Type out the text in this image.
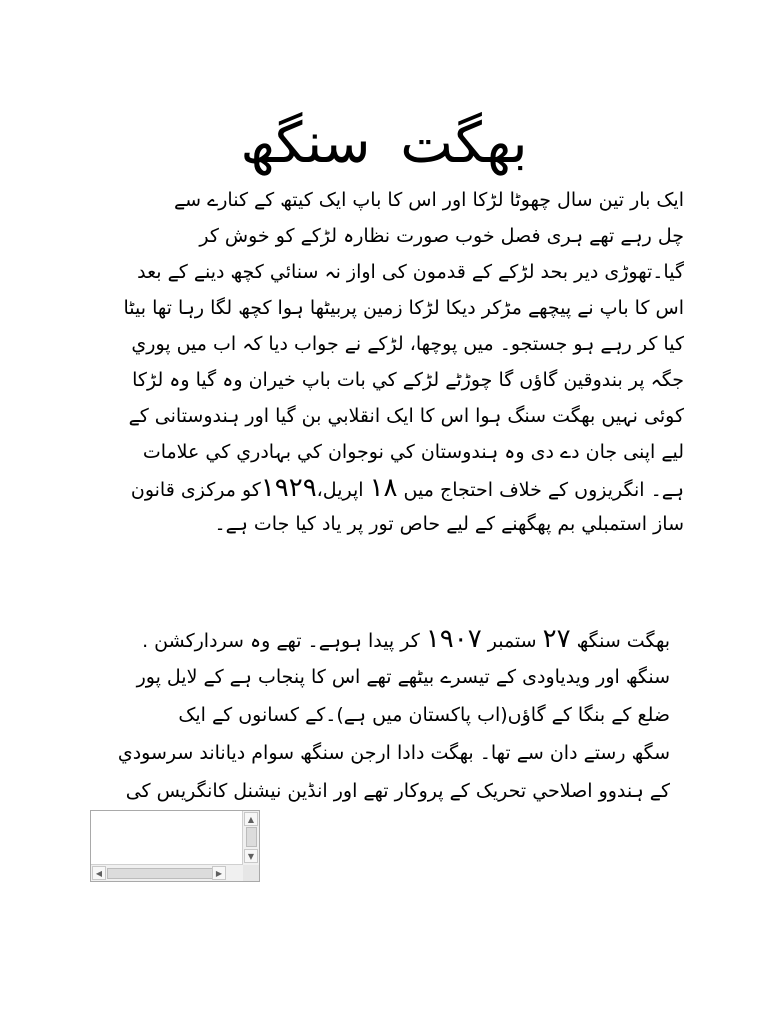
بھگت سنگھ
ایک بار تین سال چھوٹا لڑکا اور اس کا باپ ایک کیتھ کے کنارے سے
چل رہے تھے ہری فصل خوب صورت نظارہ لڑکے کو خوش کر
گیا۔تھوڑی دیر بحد لڑکے کے قدمون کی اواز نہ سنائي کچھ دینے کے بعد
اس کا باپ نے پیچھے مڑکر دیکا لڑکا زمین پربیٹھا ہوا کچھ لگا رہا تھا بیٹا
کیا کر رہے ہو جستجو۔ میں پوچھا، لڑکے نے جواب دیا کہ اب میں پوري
جگہ پر بندوقین گاؤں گا چوڑٹے لڑکے کي بات باپ خیران وہ گیا وہ لڑکا
کوئی نہیں بھگت سنگ ہوا اس کا ایک انقلابي بن گیا اور ہندوستانی کے
لیے اپنی جان دے دی وہ ہندوستان کي نوجوان کي بہادري کي علامات
ہے۔ انگریزوں کے خلاف احتجاج میں ۱۸ اپریل،۱۹۲۹کو مرکزی قانون
ساز استمبلي بم پھگھنے کے لیے حاص تور پر یاد کیا جات ہے۔
بھگت سنگھ ۲۷ ستمبر ۱۹۰۷ کر پیدا ہوہے۔ تھے وہ سردارکشن .
سنگھ اور ویدیاودی کے تیسرے بیٹھے تھے اس کا پنجاب ہے کے لایل پور
ضلع کے بنگا کے گاؤں(اب پاکستان میں ہے)۔کے کسانوں کے ایک
سگھ رستے دان سے تھا۔ بھگت دادا ارجن سنگھ سوام دیاناند سرسودي
کے ہندوو اصلاحي تحریک کے پروکار تھے اور انڈین نیشنل کانگریس کی
▲
▼
◀	▶
